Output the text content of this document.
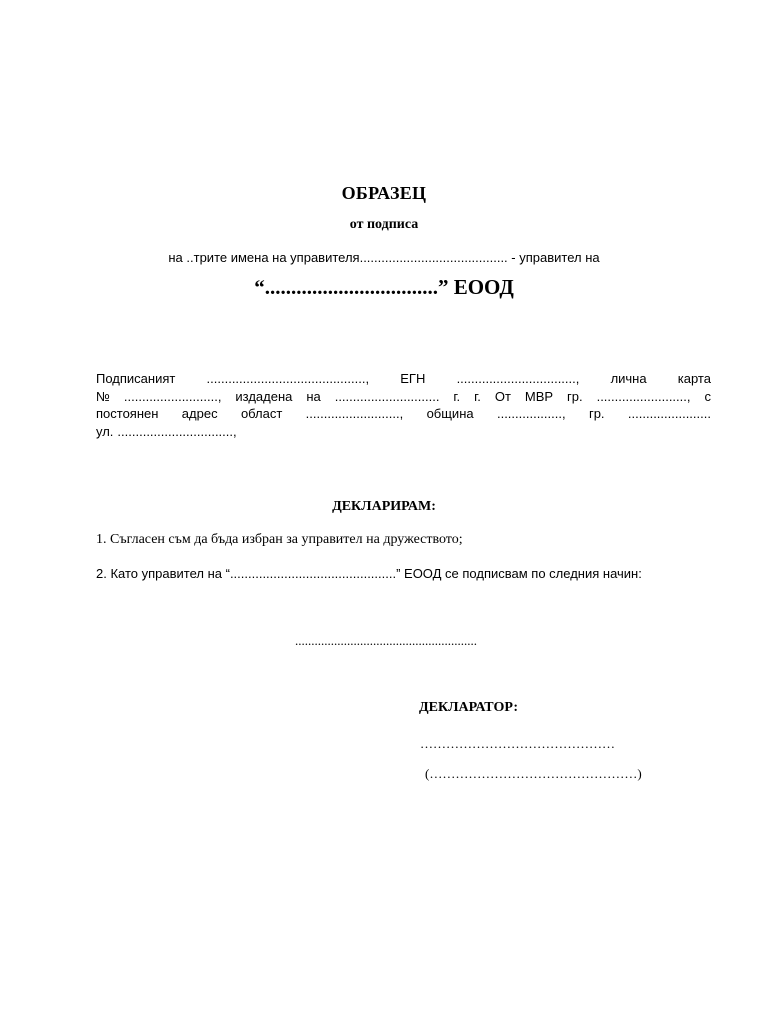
ОБРАЗЕЦ
от подписа
на ..трите имена на управителя......................................... - управител на
“.................................” ЕООД
Подписаният ............................................, ЕГН ................................., лична карта
№ .........................., издадена на ............................. г. г. От МВР гр. ........................., с
постоянен адрес област .........................., община .................., гр. .......................
ул. ................................,
ДЕКЛАРИРАМ:
1. Съгласен съм да бъда избран за управител на дружеството;
2. Като управител на “..............................................” ЕООД се подписвам по следния начин:
........................................................
ДЕКЛАРАТОР:
………………………………………
(…………………………………………)
